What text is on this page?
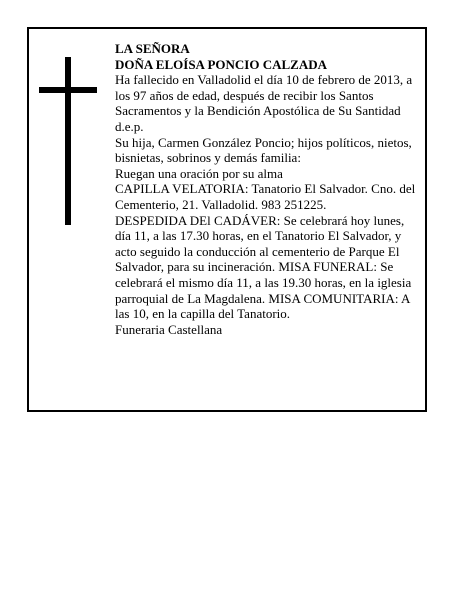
LA SEÑORA

DOÑA ELOÍSA PONCIO CALZADA

Ha fallecido en Valladolid el día 10 de febrero de 2013, a los 97 años de edad, después de recibir los Santos Sacramentos y la Bendición Apostólica de Su Santidad d.e.p.

Su hija, Carmen González Poncio; hijos políticos, nietos, bisnietas, sobrinos y demás familia:

Ruegan una oración por su alma

CAPILLA VELATORIA: Tanatorio El Salvador. Cno. del Cementerio, 21. Valladolid. 983 251225.

DESPEDIDA DEl CADÁVER: Se celebrará hoy lunes, día 11, a las 17.30 horas, en el Tanatorio El Salvador, y acto seguido la conducción al cementerio de Parque El Salvador, para su incineración. MISA FUNERAL: Se celebrará el mismo día 11, a las 19.30 horas, en la iglesia parroquial de La Magdalena. MISA COMUNITARIA: A las 10, en la capilla del Tanatorio.

Funeraria Castellana
